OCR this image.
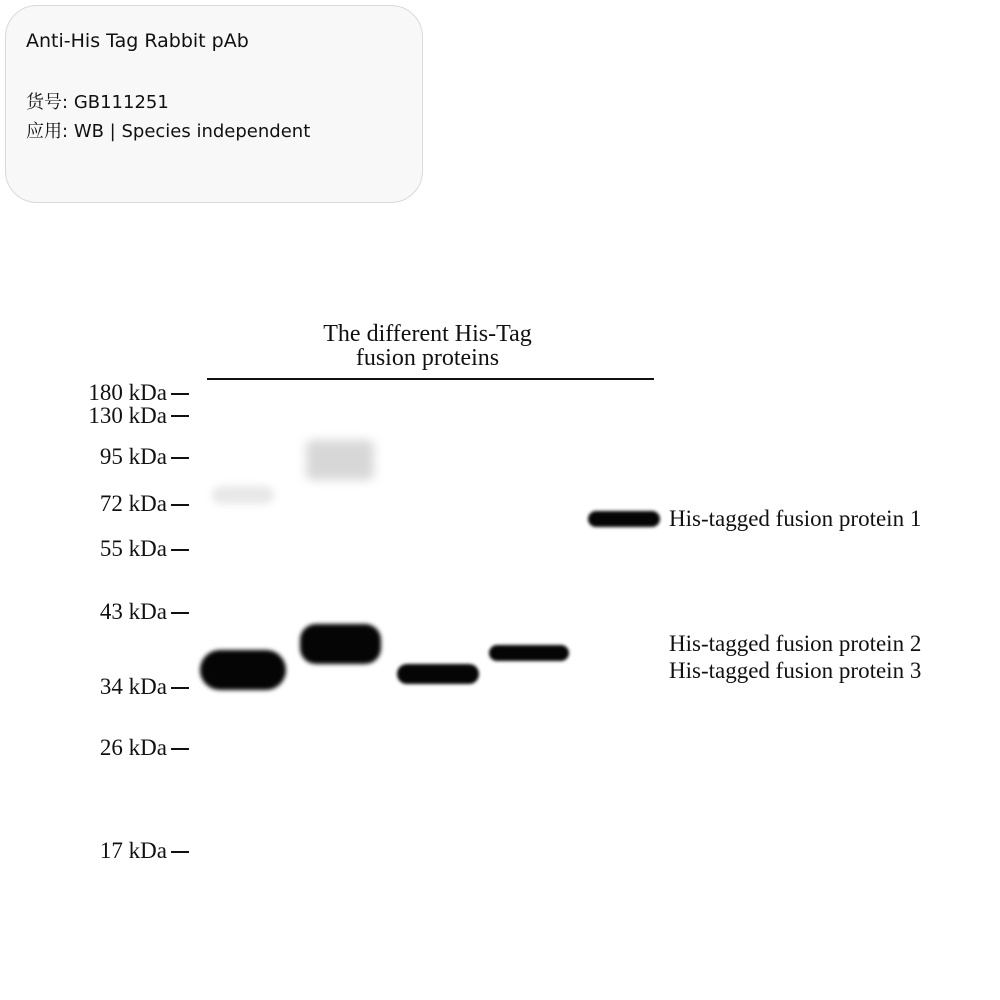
Anti-His Tag Rabbit pAb
货号: GB111251
应用: WB | Species independent
The different His-Tag
fusion proteins
180 kDa
130 kDa
95 kDa
72 kDa
55 kDa
43 kDa
34 kDa
26 kDa
17 kDa
His-tagged fusion protein 1
His-tagged fusion protein 2
His-tagged fusion protein 3
